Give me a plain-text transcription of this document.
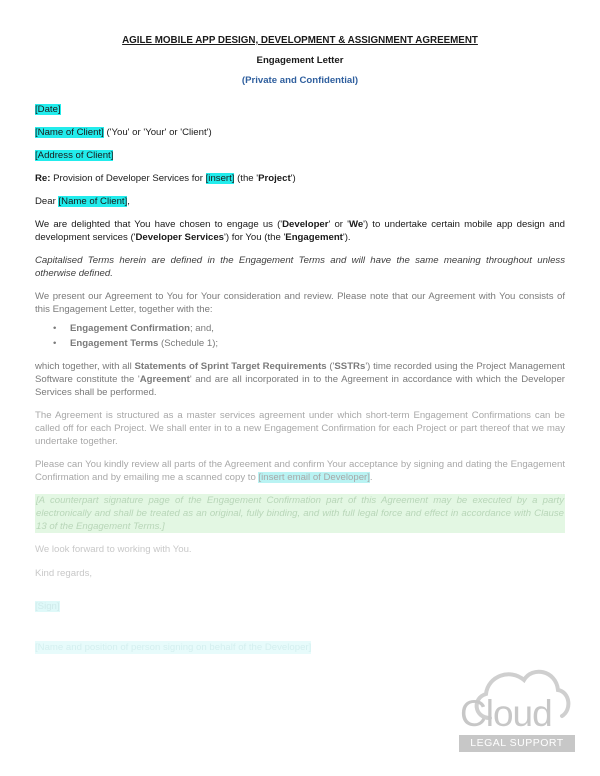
AGILE MOBILE APP DESIGN, DEVELOPMENT & ASSIGNMENT AGREEMENT

Engagement Letter

(Private and Confidential)

[Date]

[Name of Client] ('You' or 'Your' or 'Client')

[Address of Client]

Re: Provision of Developer Services for [insert] (the 'Project')

Dear [Name of Client],

We are delighted that You have chosen to engage us ('Developer' or 'We') to undertake certain mobile app design and development services ('Developer Services') for You (the 'Engagement').

Capitalised Terms herein are defined in the Engagement Terms and will have the same meaning throughout unless otherwise defined.

We present our Agreement to You for Your consideration and review. Please note that our Agreement with You consists of this Engagement Letter, together with the:

• Engagement Confirmation; and,
• Engagement Terms (Schedule 1);

which together, with all Statements of Sprint Target Requirements ('SSTRs') time recorded using the Project Management Software constitute the 'Agreement' and are all incorporated in to the Agreement in accordance with which the Developer Services shall be performed.

The Agreement is structured as a master services agreement under which short-term Engagement Confirmations can be called off for each Project. We shall enter in to a new Engagement Confirmation for each Project or part thereof that we may undertake together.

Please can You kindly review all parts of the Agreement and confirm Your acceptance by signing and dating the Engagement Confirmation and by emailing me a scanned copy to [insert email of Developer].

[A counterpart signature page of the Engagement Confirmation part of this Agreement may be executed by a party electronically and shall be treated as an original, fully binding, and with full legal force and effect in accordance with Clause 13 of the Engagement Terms.]

We look forward to working with You.

Kind regards,

[Sign]

[Name and position of person signing on behalf of the Developer]

Cloud
LEGAL SUPPORT
